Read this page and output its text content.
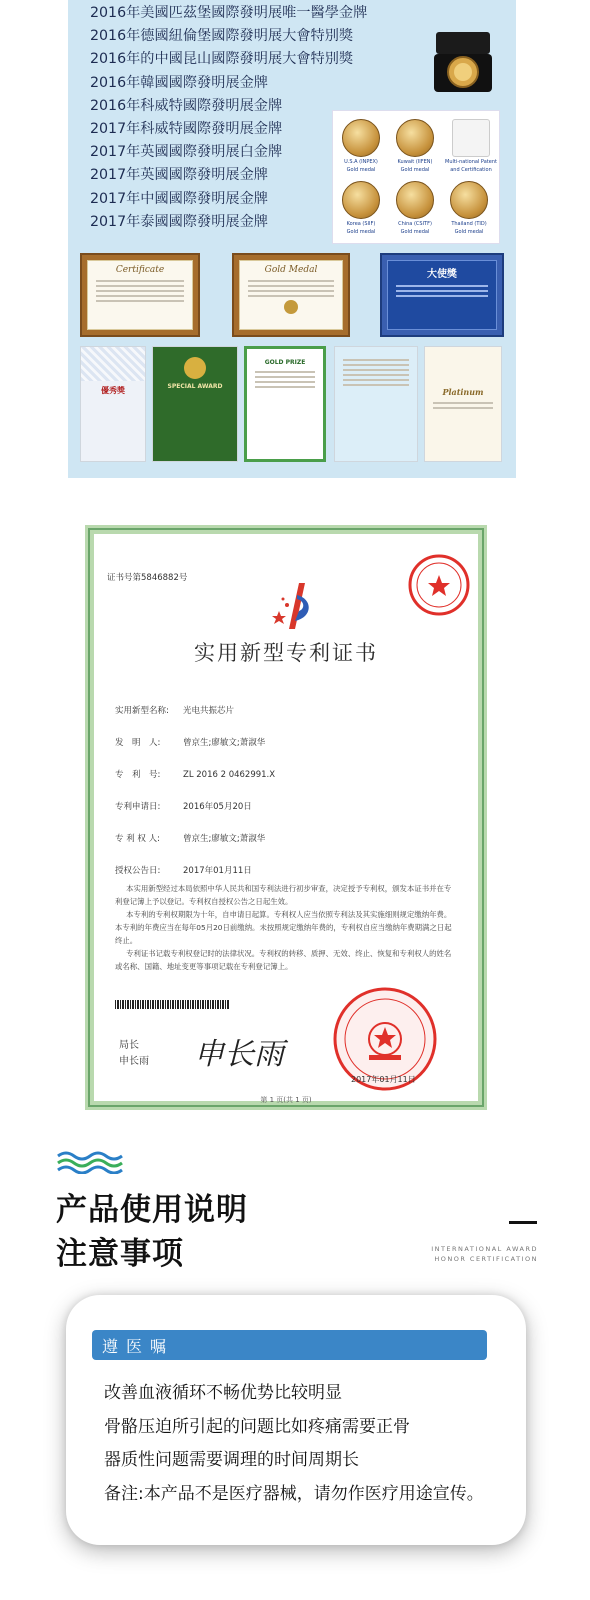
2016年美國匹茲堡國際發明展唯一醫學金牌
2016年德國紐倫堡國際發明展大會特別獎
2016年的中國昆山國際發明展大會特別獎
2016年韓國國際發明展金牌
2016年科威特國際發明展金牌
2017年科威特國際發明展金牌
2017年英國國際發明展白金牌
2017年英國國際發明展金牌
2017年中國國際發明展金牌
2017年泰國國際發明展金牌
U.S.A (INPEX)
Gold medal
Kuwait (IIFEN)
Gold medal
Multi-national Patent
and Certification
Korea (SIIF)
Gold medal
China (CSITF)
Gold medal
Thailand (TID)
Gold medal
Certificate	Gold Medal	大使獎
優秀獎	SPECIAL AWARD
GOLD PRIZE
Platinum
证书号第5846882号
实用新型专利证书
实用新型名称: 光电共振芯片
发　明　人:	曾京生;廖敏文;萧淑华
专　利　号:	ZL 2016 2 0462991.X
专利申请日:	2016年05月20日
专 利 权 人:	曾京生;廖敏文;萧淑华
授权公告日:	2017年01月11日

本实用新型经过本局依照中华人民共和国专利法进行初步审查，决定授予专利权，颁发本证书并在专利登记簿上予以登记。专利权自授权公告之日起生效。

本专利的专利权期限为十年，自申请日起算。专利权人应当依照专利法及其实施细则规定缴纳年费。本专利的年费应当在每年05月20日前缴纳。未按照规定缴纳年费的，专利权自应当缴纳年费期满之日起终止。

专利证书记载专利权登记时的法律状况。专利权的转移、质押、无效、终止、恢复和专利权人的姓名或名称、国籍、地址变更等事项记载在专利登记簿上。

局长
申长雨 申长雨
2017年01月11日
第 1 页(共 1 页)
产品使用说明
注意事项	INTERNATIONAL AWARD
HONOR CERTIFICATION
遵医嘱
改善血液循环不畅优势比较明显
骨骼压迫所引起的问题比如疼痛需要正骨
器质性问题需要调理的时间周期长
备注:本产品不是医疗器械，请勿作医疗用途宣传。
